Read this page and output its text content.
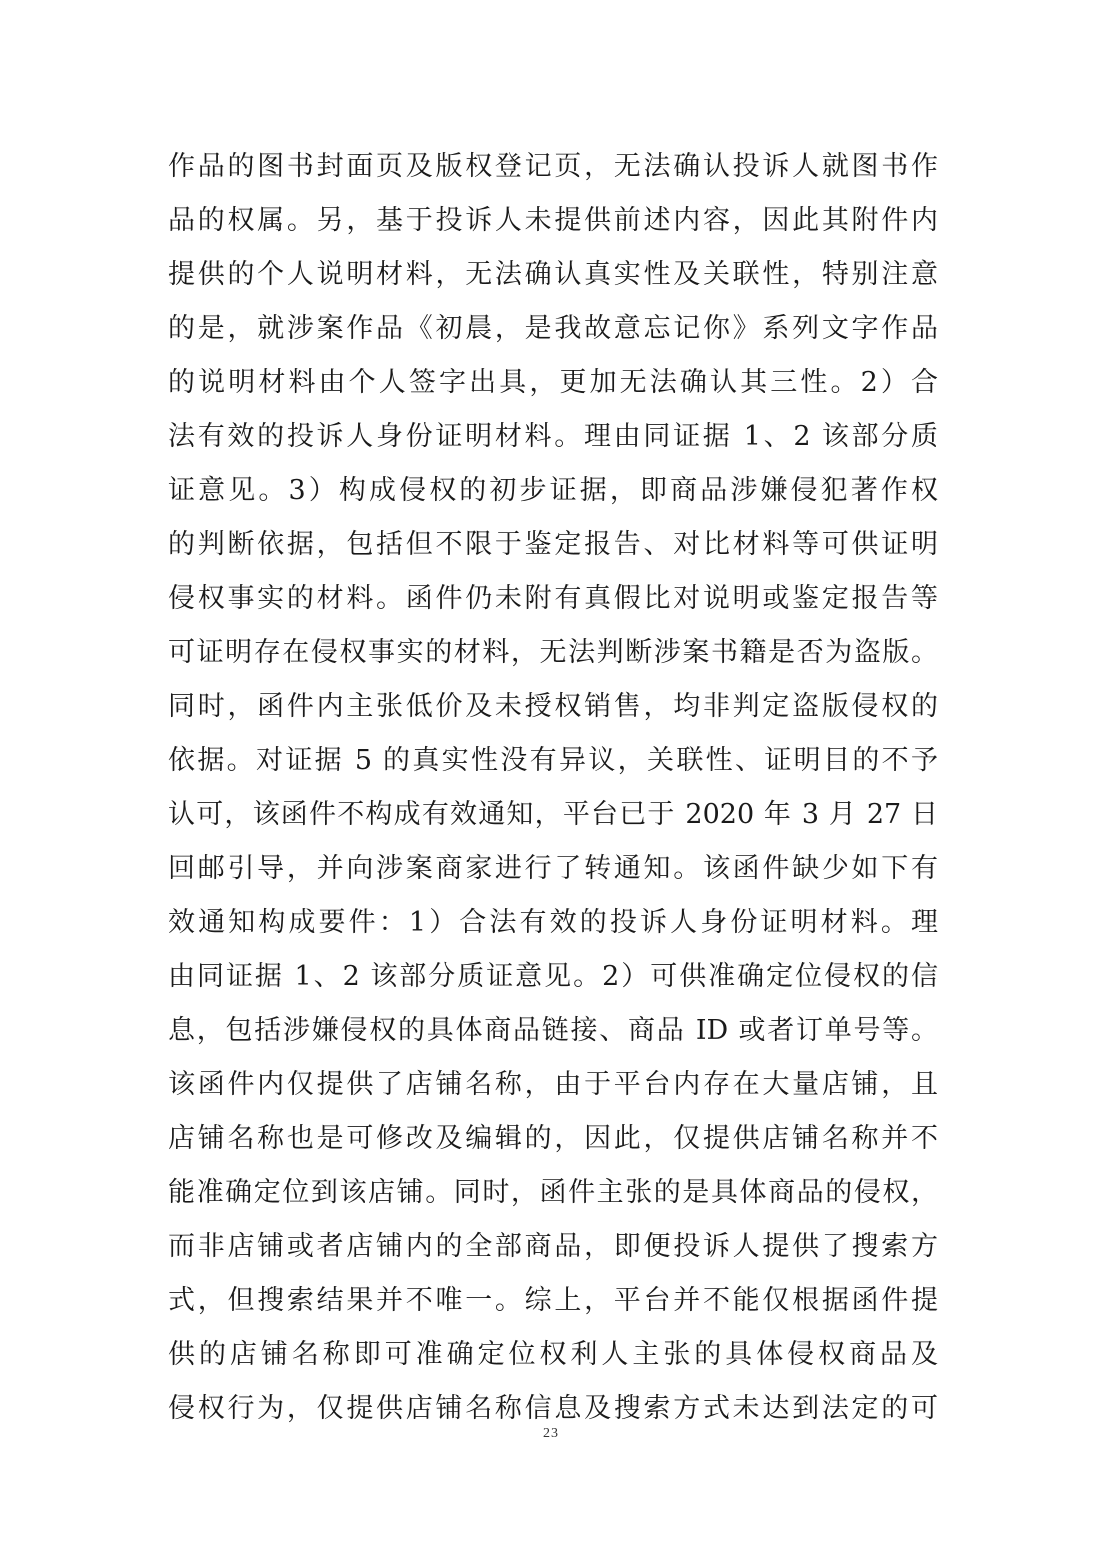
作品的图书封面页及版权登记页，无法确认投诉人就图书作
品的权属。另，基于投诉人未提供前述内容，因此其附件内
提供的个人说明材料，无法确认真实性及关联性，特别注意
的是，就涉案作品《初晨，是我故意忘记你》系列文字作品
的说明材料由个人签字出具，更加无法确认其三性。2）合
法有效的投诉人身份证明材料。理由同证据 1、2 该部分质
证意见。3）构成侵权的初步证据，即商品涉嫌侵犯著作权
的判断依据，包括但不限于鉴定报告、对比材料等可供证明
侵权事实的材料。函件仍未附有真假比对说明或鉴定报告等
可证明存在侵权事实的材料，无法判断涉案书籍是否为盗版。
同时，函件内主张低价及未授权销售，均非判定盗版侵权的
依据。对证据 5 的真实性没有异议，关联性、证明目的不予
认可，该函件不构成有效通知，平台已于 2020 年 3 月 27 日
回邮引导，并向涉案商家进行了转通知。该函件缺少如下有
效通知构成要件：1）合法有效的投诉人身份证明材料。理
由同证据 1、2 该部分质证意见。2）可供准确定位侵权的信
息，包括涉嫌侵权的具体商品链接、商品 ID 或者订单号等。
该函件内仅提供了店铺名称，由于平台内存在大量店铺，且
店铺名称也是可修改及编辑的，因此，仅提供店铺名称并不
能准确定位到该店铺。同时，函件主张的是具体商品的侵权，
而非店铺或者店铺内的全部商品，即便投诉人提供了搜索方
式，但搜索结果并不唯一。综上，平台并不能仅根据函件提
供的店铺名称即可准确定位权利人主张的具体侵权商品及
侵权行为，仅提供店铺名称信息及搜索方式未达到法定的可
23
